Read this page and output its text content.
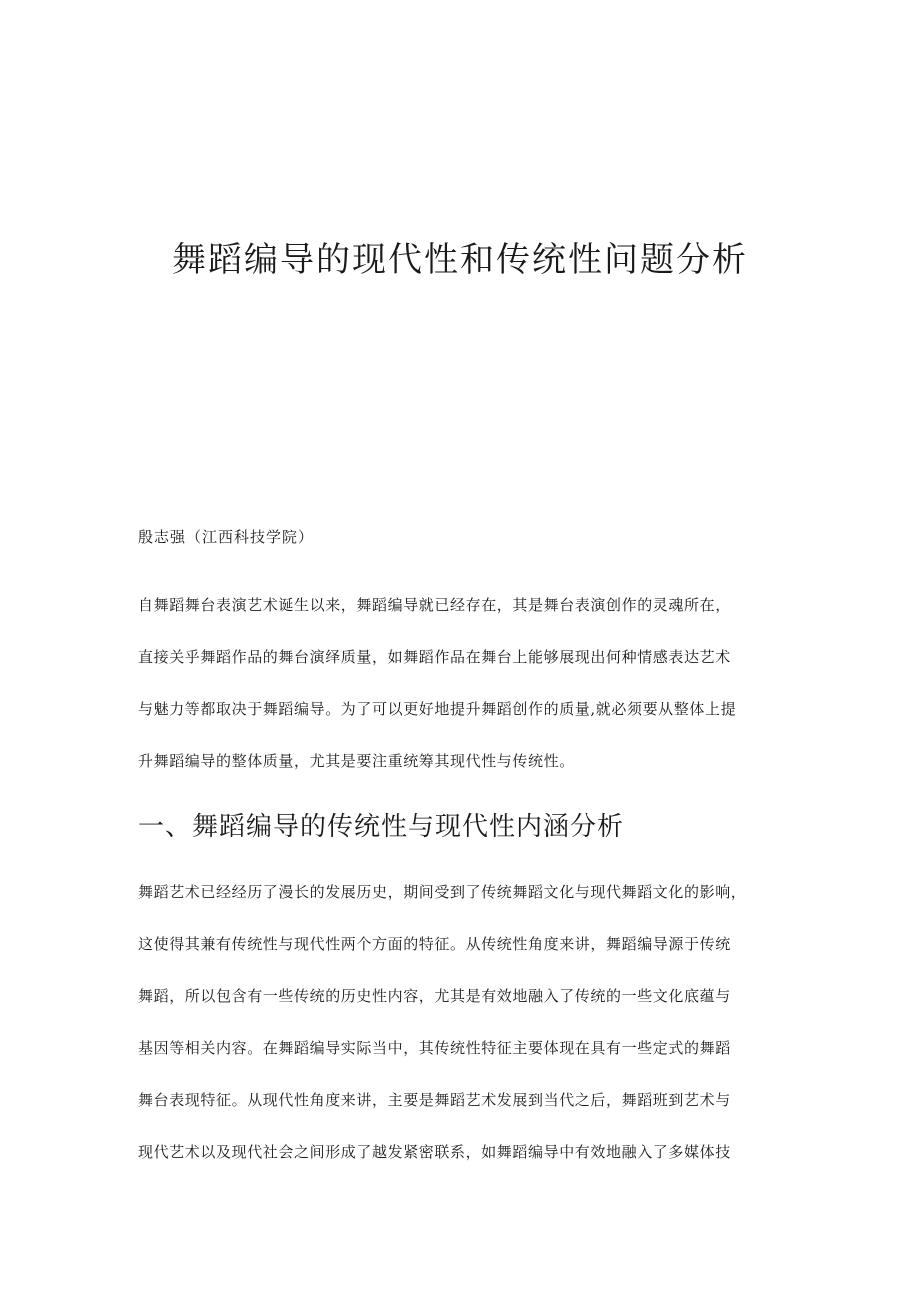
舞蹈编导的现代性和传统性问题分析

殷志强（江西科技学院）

自舞蹈舞台表演艺术诞生以来，舞蹈编导就已经存在，其是舞台表演创作的灵魂所在，
直接关乎舞蹈作品的舞台演绎质量，如舞蹈作品在舞台上能够展现出何种情感表达艺术
与魅力等都取决于舞蹈编导。为了可以更好地提升舞蹈创作的质量,就必须要从整体上提
升舞蹈编导的整体质量，尤其是要注重统筹其现代性与传统性。
一、舞蹈编导的传统性与现代性内涵分析
舞蹈艺术已经经历了漫长的发展历史，期间受到了传统舞蹈文化与现代舞蹈文化的影响，
这使得其兼有传统性与现代性两个方面的特征。从传统性角度来讲，舞蹈编导源于传统
舞蹈，所以包含有一些传统的历史性内容，尤其是有效地融入了传统的一些文化底蕴与
基因等相关内容。在舞蹈编导实际当中，其传统性特征主要体现在具有一些定式的舞蹈
舞台表现特征。从现代性角度来讲，主要是舞蹈艺术发展到当代之后，舞蹈班到艺术与
现代艺术以及现代社会之间形成了越发紧密联系，如舞蹈编导中有效地融入了多媒体技
